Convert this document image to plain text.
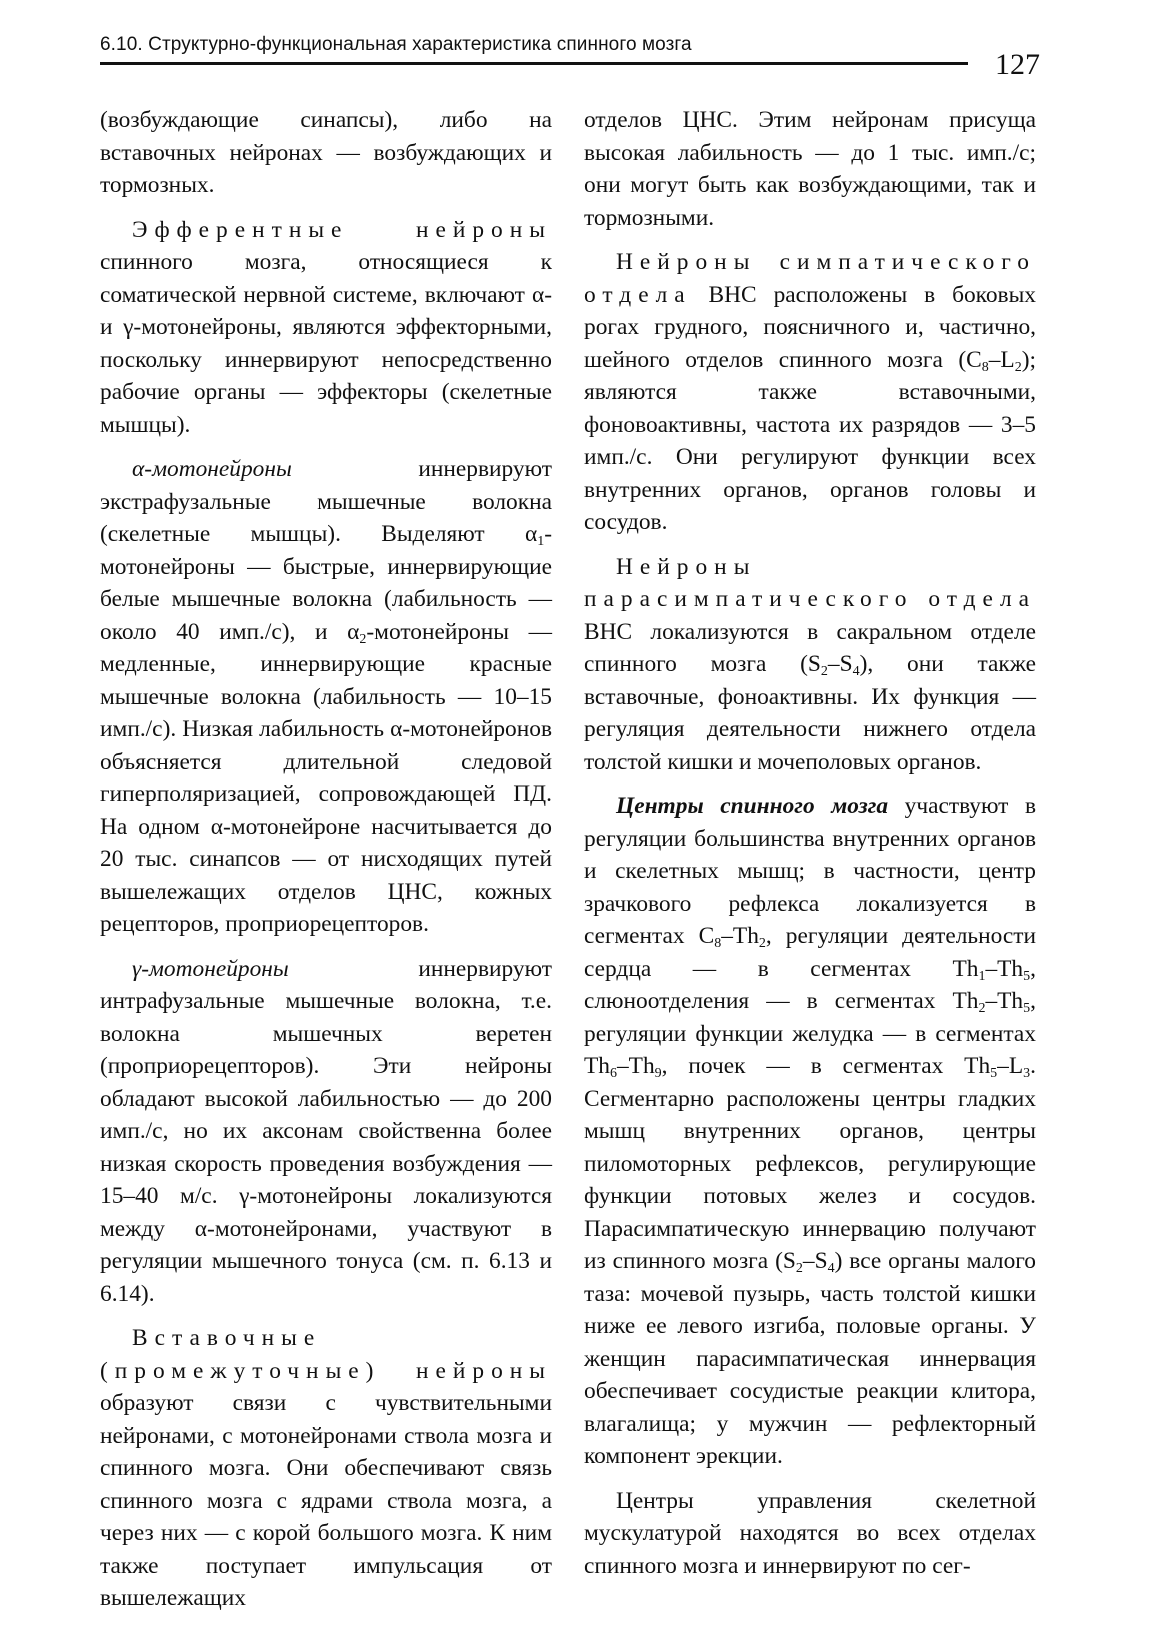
6.10. Структурно-функциональная характеристика спинного мозга
127

(возбуждающие синапсы), либо на вставочных нейронах — возбуждающих и тормозных.

Эфферентные нейроны спинного мозга, относящиеся к соматической нервной системе, включают α- и γ-мотонейроны, являются эффекторными, поскольку иннервируют непосредственно рабочие органы — эффекторы (скелетные мышцы).

α-мотонейроны иннервируют экстрафузальные мышечные волокна (скелетные мышцы). Выделяют $\alpha_1$-мотонейроны — быстрые, иннервирующие белые мышечные волокна (лабильность — около 40 имп./с), и $\alpha_2$-мотонейроны — медленные, иннервирующие красные мышечные волокна (лабильность — 10–15 имп./с). Низкая лабильность α-мотонейронов объясняется длительной следовой гиперполяризацией, сопровождающей ПД. На одном α-мотонейроне насчитывается до 20 тыс. синапсов — от нисходящих путей вышележащих отделов ЦНС, кожных рецепторов, проприорецепторов.

γ-мотонейроны иннервируют интрафузальные мышечные волокна, т.е. волокна мышечных веретен (проприорецепторов). Эти нейроны обладают высокой лабильностью — до 200 имп./с, но их аксонам свойственна более низкая скорость проведения возбуждения — 15–40 м/с. γ-мотонейроны локализуются между α-мотонейронами, участвуют в регуляции мышечного тонуса (см. п. 6.13 и 6.14).

Вставочные (промежуточные) нейроны образуют связи с чувствительными нейронами, с мотонейронами ствола мозга и спинного мозга. Они обеспечивают связь спинного мозга с ядрами ствола мозга, а через них — с корой большого мозга. К ним также поступает импульсация от вышележащих

отделов ЦНС. Этим нейронам присуща высокая лабильность — до 1 тыс. имп./с; они могут быть как возбуждающими, так и тормозными.

Нейроны симпатического отдела ВНС расположены в боковых рогах грудного, поясничного и, частично, шейного отделов спинного мозга $(C_8-L_2)$; являются также вставочными, фоновоактивны, частота их разрядов — 3–5 имп./с. Они регулируют функции всех внутренних органов, органов головы и сосудов.

Нейроны парасимпатического отдела ВНС локализуются в сакральном отделе спинного мозга $(S_2-S_4)$, они также вставочные, фоноактивны. Их функция — регуляция деятельности нижнего отдела толстой кишки и мочеполовых органов.

Центры спинного мозга участвуют в регуляции большинства внутренних органов и скелетных мышц; в частности, центр зрачкового рефлекса локализуется в сегментах $C_8-Th_2$, регуляции деятельности сердца — в сегментах $Th_1-Th_5$, слюноотделения — в сегментах $Th_2-Th_5$, регуляции функции желудка — в сегментах $Th_6-Th_9$, почек — в сегментах $Th_5-L_3$. Сегментарно расположены центры гладких мышц внутренних органов, центры пиломоторных рефлексов, регулирующие функции потовых желез и сосудов. Парасимпатическую иннервацию получают из спинного мозга $(S_2-S_4)$ все органы малого таза: мочевой пузырь, часть толстой кишки ниже ее левого изгиба, половые органы. У женщин парасимпатическая иннервация обеспечивает сосудистые реакции клитора, влагалища; у мужчин — рефлекторный компонент эрекции.

Центры управления скелетной мускулатурой находятся во всех отделах спинного мозга и иннервируют по сег-
